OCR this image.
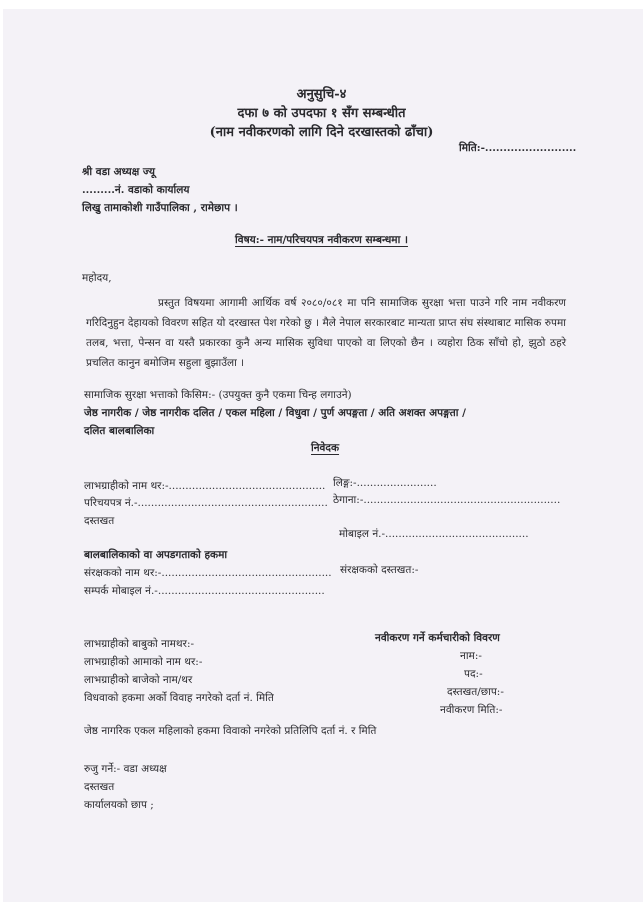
अनुसुचि-४
दफा ७ को उपदफा १ सँग सम्बन्धीत
(नाम नवीकरणको लागि दिने दरखास्तको ढाँचा)
मिति:-.........................
श्री वडा अध्यक्ष ज्यू
.........नं. वडाको कार्यालय
लिखु तामाकोशी गाउँपालिका , रामेछाप ।
विषय:- नाम/परिचयपत्र नवीकरण सम्बन्धमा ।
महोदय,
प्रस्तुत विषयमा आगामी आर्थिक वर्ष २०८०/०८१ मा पनि सामाजिक सुरक्षा भत्ता पाउने गरि नाम नवीकरण गरिदिनुहुन देहायको विवरण सहित यो दरखास्त पेश गरेको छु । मैले नेपाल सरकारबाट मान्यता प्राप्त संघ संस्थाबाट मासिक रुपमा तलब, भत्ता, पेन्सन वा यस्तै प्रकारका कुनै अन्य मासिक सुविधा पाएको वा लिएको छैन । व्यहोरा ठिक साँचो हो, झुठो ठहरे प्रचलित कानुन बमोजिम सहुला बुझाउँला ।
सामाजिक सुरक्षा भत्ताको किसिम:- (उपयुक्त कुनै एकमा चिन्ह लगाउने)
जेष्ठ नागरीक / जेष्ठ नागरीक दलित / एकल महिला / विधुवा / पुर्ण अपङ्गता / अति अशक्त अपङ्गता /
दलित बालबालिका
निवेदक
लाभग्राहीको नाम थर:-............................................... लिङ्ग:-........................
परिचयपत्र नं.-......................................................... ठेगाना:-...........................................................
दस्तखत
मोबाइल नं.-...........................................
बालबालिकाको वा अपडगताको हकमा
संरक्षकको नाम थर:-................................................... संरक्षकको दस्तखत:-
सम्पर्क मोबाइल नं.-..................................................
लाभग्राहीको बाबुको नामथर:-
लाभग्राहीको आमाको नाम थर:-
लाभग्राहीको बाजेको नाम/थर
विधवाको हकमा अर्को विवाह नगरेको दर्ता नं. मिति
नवीकरण गर्ने कर्मचारीको विवरण
नाम:-
पद:-
दस्तखत/छाप:-
नवीकरण मिति:-
जेष्ठ नागरिक एकल महिलाको हकमा विवाको नगरेको प्रतिलिपि दर्ता नं. र मिति
रुजु गर्ने:- वडा अध्यक्ष
दस्तखत
कार्यालयको छाप ;
